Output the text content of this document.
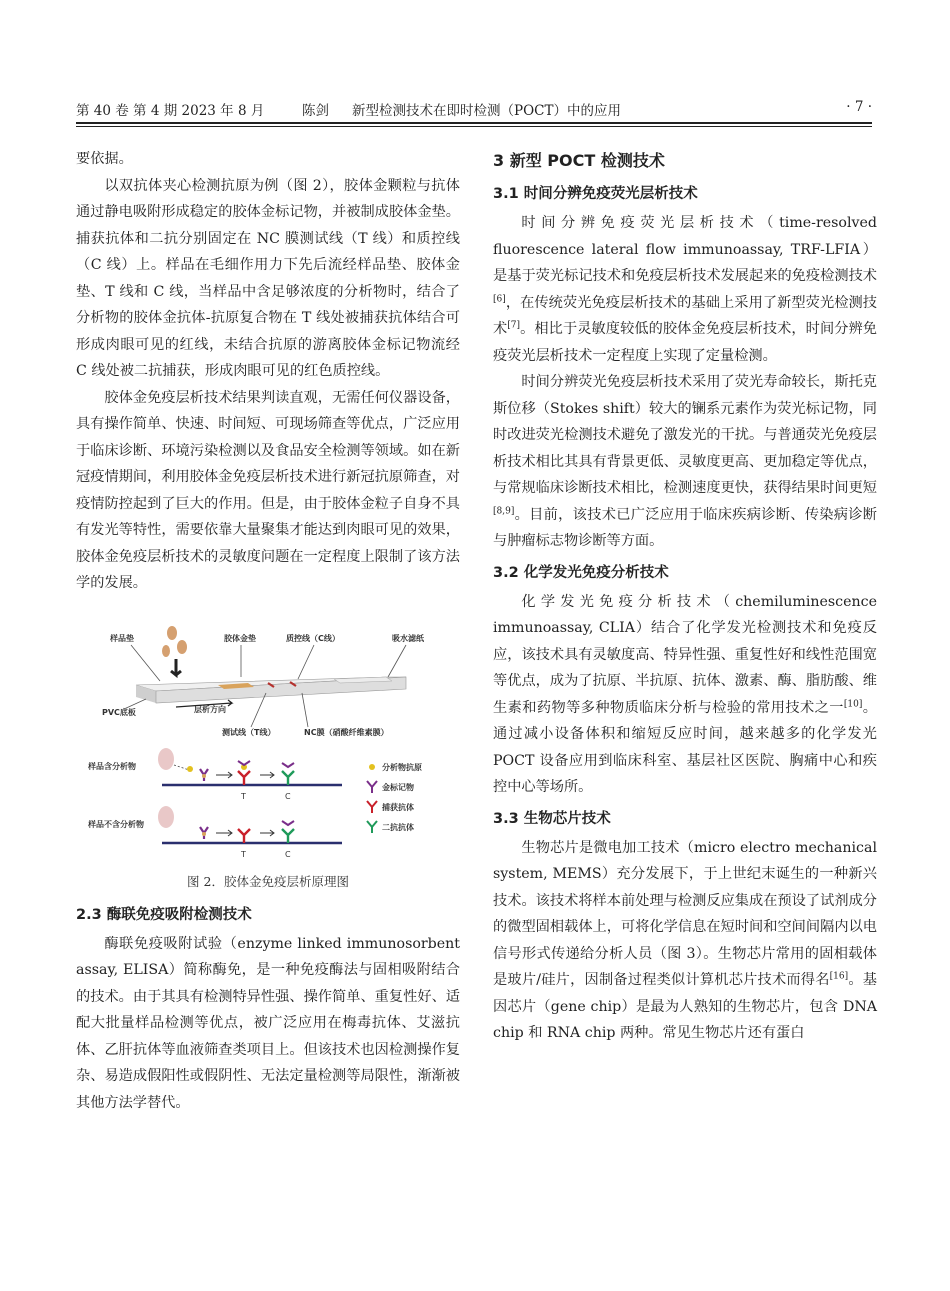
第 40 卷 第 4 期 2023 年 8 月	陈剑 新型检测技术在即时检测（POCT）中的应用	· 7 ·

要依据。

以双抗体夹心检测抗原为例（图 2），胶体金颗粒与抗体通过静电吸附形成稳定的胶体金标记物，并被制成胶体金垫。捕获抗体和二抗分别固定在 NC 膜测试线（T 线）和质控线（C 线）上。样品在毛细作用力下先后流经样品垫、胶体金垫、T 线和 C 线，当样品中含足够浓度的分析物时，结合了分析物的胶体金抗体-抗原复合物在 T 线处被捕获抗体结合可形成肉眼可见的红线，未结合抗原的游离胶体金标记物流经 C 线处被二抗捕获，形成肉眼可见的红色质控线。

胶体金免疫层析技术结果判读直观，无需任何仪器设备，具有操作简单、快速、时间短、可现场筛查等优点，广泛应用于临床诊断、环境污染检测以及食品安全检测等领域。如在新冠疫情期间，利用胶体金免疫层析技术进行新冠抗原筛查，对疫情防控起到了巨大的作用。但是，由于胶体金粒子自身不具有发光等特性，需要依靠大量聚集才能达到肉眼可见的效果，胶体金免疫层析技术的灵敏度问题在一定程度上限制了该方法学的发展。

样品垫	胶体金垫	质控线（C线）	吸水滤纸
PVC底板	层析方向
测试线（T线）	NC膜（硝酸纤维素膜）
样品含分析物
T	C
样品不含分析物
T	C
分析物抗原
金标记物
捕获抗体
二抗抗体
图 2．胶体金免疫层析原理图
2.3 酶联免疫吸附检测技术

酶联免疫吸附试验（enzyme linked immunosorbent assay, ELISA）简称酶免，是一种免疫酶法与固相吸附结合的技术。由于其具有检测特异性强、操作简单、重复性好、适配大批量样品检测等优点，被广泛应用在梅毒抗体、艾滋抗体、乙肝抗体等血液筛查类项目上。但该技术也因检测操作复杂、易造成假阳性或假阴性、无法定量检测等局限性，渐渐被其他方法学替代。

3 新型 POCT 检测技术
3.1 时间分辨免疫荧光层析技术

时间分辨免疫荧光层析技术（time-resolved fluorescence lateral flow immunoassay, TRF-LFIA）是基于荧光标记技术和免疫层析技术发展起来的免疫检测技术[6]，在传统荧光免疫层析技术的基础上采用了新型荧光检测技术[7]。相比于灵敏度较低的胶体金免疫层析技术，时间分辨免疫荧光层析技术一定程度上实现了定量检测。

时间分辨荧光免疫层析技术采用了荧光寿命较长，斯托克斯位移（Stokes shift）较大的镧系元素作为荧光标记物，同时改进荧光检测技术避免了激发光的干扰。与普通荧光免疫层析技术相比其具有背景更低、灵敏度更高、更加稳定等优点，与常规临床诊断技术相比，检测速度更快，获得结果时间更短[8,9]。目前，该技术已广泛应用于临床疾病诊断、传染病诊断与肿瘤标志物诊断等方面。

3.2 化学发光免疫分析技术

化学发光免疫分析技术（chemiluminescence immunoassay, CLIA）结合了化学发光检测技术和免疫反应，该技术具有灵敏度高、特异性强、重复性好和线性范围宽等优点，成为了抗原、半抗原、抗体、激素、酶、脂肪酸、维生素和药物等多种物质临床分析与检验的常用技术之一[10]。通过减小设备体积和缩短反应时间，越来越多的化学发光 POCT 设备应用到临床科室、基层社区医院、胸痛中心和疾控中心等场所。

3.3 生物芯片技术

生物芯片是微电加工技术（micro electro mechanical system, MEMS）充分发展下，于上世纪末诞生的一种新兴技术。该技术将样本前处理与检测反应集成在预设了试剂成分的微型固相载体上，可将化学信息在短时间和空间间隔内以电信号形式传递给分析人员（图 3）。生物芯片常用的固相载体是玻片/硅片，因制备过程类似计算机芯片技术而得名[16]。基因芯片（gene chip）是最为人熟知的生物芯片，包含 DNA chip 和 RNA chip 两种。常见生物芯片还有蛋白
